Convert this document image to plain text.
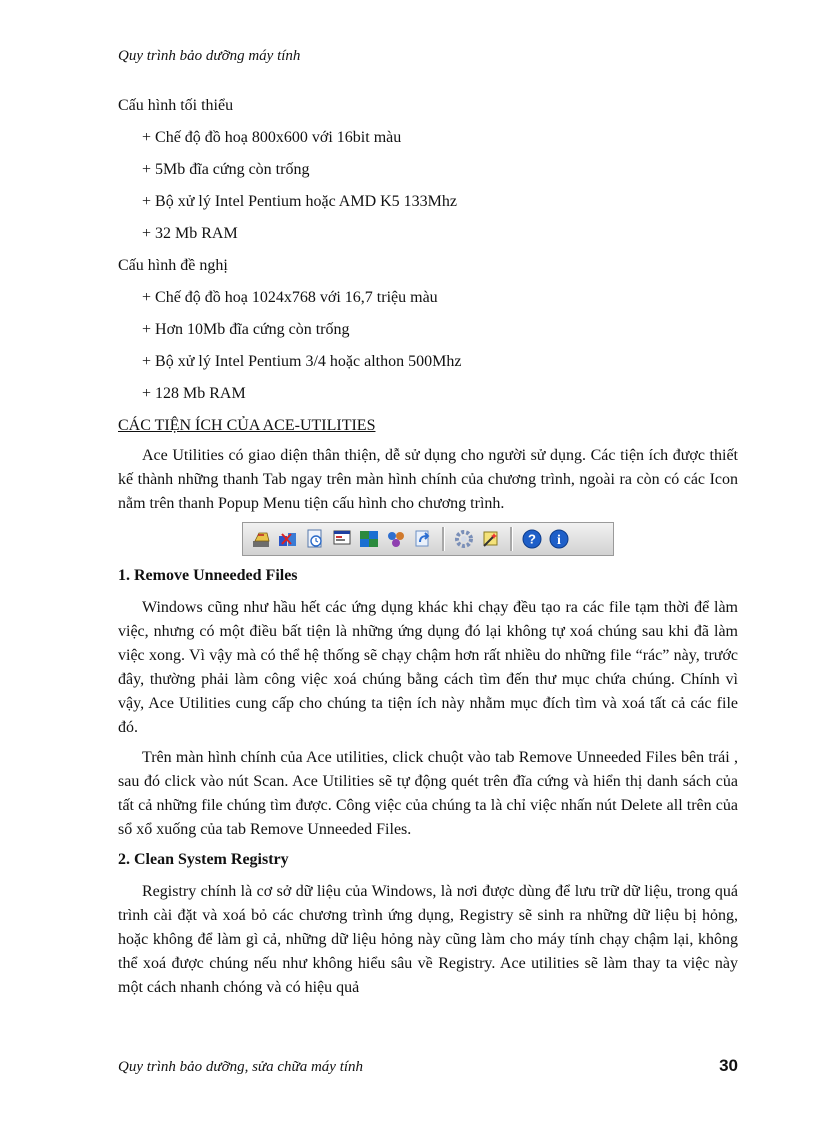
Quy trình bảo dưỡng máy tính

Cấu hình tối thiểu

+ Chế độ đồ hoạ 800x600 với 16bit màu

+ 5Mb đĩa cứng còn trống

+ Bộ xử lý Intel Pentium hoặc AMD K5 133Mhz

+ 32 Mb RAM

Cấu hình đề nghị

+ Chế độ đồ hoạ 1024x768 với 16,7 triệu màu

+ Hơn 10Mb đĩa cứng còn trống

+ Bộ xử lý Intel Pentium 3/4 hoặc althon 500Mhz

+ 128 Mb RAM

CÁC TIỆN ÍCH CỦA ACE-UTILITIES

Ace Utilities có giao diện thân thiện, dễ sử dụng cho người sử dụng. Các tiện ích được thiết kế thành những thanh Tab ngay trên màn hình chính của chương trình, ngoài ra còn có các Icon nằm trên thanh Popup Menu tiện cấu hình cho chương trình.

? i

1. Remove Unneeded Files

Windows cũng như hầu hết các ứng dụng khác khi chạy đều tạo ra các file tạm thời để làm việc, nhưng có một điều bất tiện là những ứng dụng đó lại không tự xoá chúng sau khi đã làm việc xong. Vì vậy mà có thể hệ thống sẽ chạy chậm hơn rất nhiều do những file “rác” này, trước đây, thường phải làm công việc xoá chúng bằng cách tìm đến thư mục chứa chúng. Chính vì vậy, Ace Utilities cung cấp cho chúng ta tiện ích này nhằm mục đích tìm và xoá tất cả các file đó.

Trên màn hình chính của Ace utilities, click chuột vào tab Remove Unneeded Files bên trái , sau đó click vào nút Scan. Ace Utilities sẽ tự động quét trên đĩa cứng và hiển thị danh sách của tất cả những file chúng tìm được. Công việc của chúng ta là chỉ việc nhấn nút Delete all trên của sổ xổ xuống của tab Remove Unneeded Files.

2. Clean System Registry

Registry chính là cơ sở dữ liệu của Windows, là nơi được dùng để lưu trữ dữ liệu, trong quá trình cài đặt và xoá bỏ các chương trình ứng dụng, Registry sẽ sinh ra những dữ liệu bị hỏng, hoặc không để làm gì cả, những dữ liệu hỏng này cũng làm cho máy tính chạy chậm lại, không thể xoá được chúng nếu như không hiểu sâu về Registry. Ace utilities sẽ làm thay ta việc này một cách nhanh chóng và có hiệu quả

Quy trình bảo dưỡng, sửa chữa máy tính	30
